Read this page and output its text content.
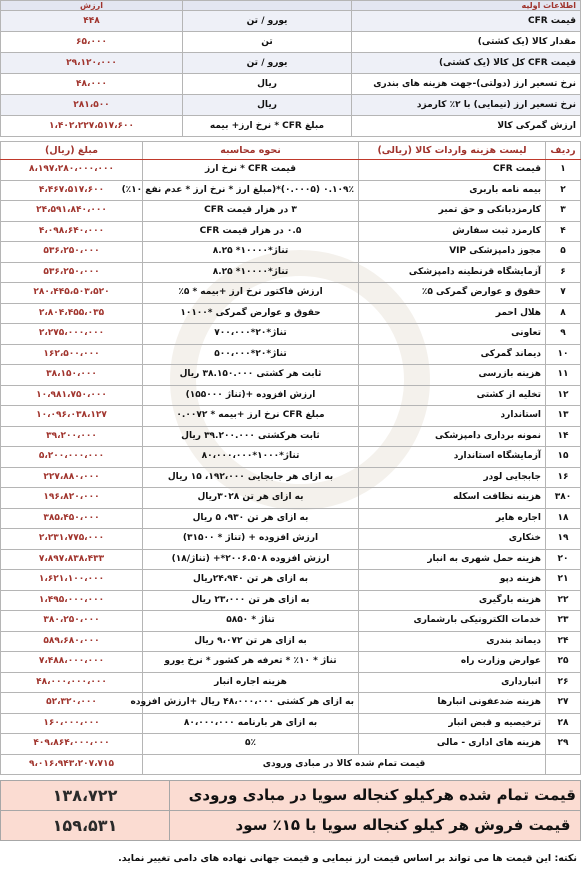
اطلاعات اولیه		ارزش
قیمت CFR	یورو / تن	۴۴۸
مقدار کالا (یک کشتی)	تن	۶۵،۰۰۰
قیمت CFR کل کالا (یک کشتی)	یورو / تن	۲۹،۱۲۰،۰۰۰
نرخ تسعیر ارز (دولتی)-جهت هزینه های بندری	ریال	۴۸،۰۰۰
نرخ تسعیر ارز (نیمایی) با ۲٪ کارمزد	ریال	۲۸۱،۵۰۰
ارزش گمرکی کالا	مبلغ CFR * نرخ ارز+ بیمه	۱،۴۰۲،۲۲۷،۵۱۷،۶۰۰
ردیف	لیست هزینه واردات کالا (ریالی)	نحوه محاسبه	مبلغ (ریال)
۱	قیمت CFR	قیمت CFR * نرخ ارز	۸،۱۹۷،۲۸۰،۰۰۰،۰۰۰
۲	بیمه نامه باربری	۰.۱۰۹٪ (۰.۰۰۰۵)*(مبلغ ارز * نرخ ارز * عدم نفع ۱۰٪)	۴،۴۶۷،۵۱۷،۶۰۰
۳	کارمزدبانکی و حق تمبر	۳ در هزار قیمت CFR	۲۴،۵۹۱،۸۴۰،۰۰۰
۴	کارمزد ثبت سفارش	۰.۵ در هزار قیمت CFR	۴،۰۹۸،۶۴۰،۰۰۰
۵	مجوز دامپزشکی VIP	تناژ*۱۰۰۰۰* ۸.۲۵	۵۳۶،۲۵۰،۰۰۰
۶	آزمایشگاه قرنطینه دامپزشکی	تناژ*۱۰۰۰۰* ۸.۲۵	۵۳۶،۲۵۰،۰۰۰
۷	حقوق و عوارض گمرکی ۵٪	ارزش فاکتور نرخ ارز +بیمه * ۵٪	۲۸۰،۴۴۵،۵۰۳،۵۲۰
۸	هلال احمر	حقوق و عوارض گمرکی *۱۰۱۰۰	۲،۸۰۴،۴۵۵،۰۳۵
۹	تعاونی	تناژ*۲۰*۷۰۰،۰۰۰	۲،۲۷۵،۰۰۰،۰۰۰
۱۰	دیماند گمرکی	تناژ*۲۰*۵۰۰،۰۰۰	۱۶۲،۵۰۰،۰۰۰
۱۱	هزینه بازرسی	ثابت هر کشتی ۳۸.۱۵۰.۰۰۰ ریال	۳۸،۱۵۰،۰۰۰
۱۲	تخلیه از کشتی	ارزش افزوده +(تناژ ۱۵۵۰۰۰)	۱۰،۹۸۱،۷۵۰،۰۰۰
۱۳	استاندارد	مبلغ CFR نرخ ارز +بیمه * ۰.۰۰۷۲	۱۰،۰۹۶،۰۳۸،۱۲۷
۱۴	نمونه برداری دامپزشکی	ثابت هرکشتی ۳۹.۲۰۰.۰۰۰ ریال	۳۹،۲۰۰،۰۰۰
۱۵	آزمایشگاه استاندارد	تناژ*۱۰۰۰*۸۰،۰۰۰،۰۰۰	۵،۲۰۰،۰۰۰،۰۰۰
۱۶	جابجایی لودر	به ازای هر جابجایی ۱۹۲،۰۰۰، ۱۵ ریال	۲۲۷،۸۸۰،۰۰۰
۳۸۰	هزینه نظافت اسکله	به ازای هر تن ۳۰۲۸ریال	۱۹۶،۸۲۰،۰۰۰
۱۸	اجاره هایر	به ازای هر تن ۹۳۰، ۵ ریال	۳۸۵،۴۵۰،۰۰۰
۱۹	خنکاری	ارزش افزوده + (تناژ * ۳۱۵۰۰)	۲،۲۳۱،۷۷۵،۰۰۰
۲۰	هزینه حمل شهری به انبار	ارزش افزوده ۲۰۰۶.۵۰۸*+ (تناژ/۱۸)	۷،۸۹۷،۸۳۸،۴۳۳
۲۱	هزینه دپو	به ازای هر تن ۲۴،۹۴۰ریال	۱،۶۲۱،۱۰۰،۰۰۰
۲۲	هزینه بارگیری	به ازای هر تن ۲۳،۰۰۰ ریال	۱،۴۹۵،۰۰۰،۰۰۰
۲۳	خدمات الکترونیکی بارشماری	تناژ * ۵۸۵۰	۳۸۰،۲۵۰،۰۰۰
۲۴	دیماند بندری	به ازای هر تن ۹،۰۷۲ ریال	۵۸۹،۶۸۰،۰۰۰
۲۵	عوارض وزارت راه	تناژ * ۱۰٪ * تعرفه هر کشور * نرخ یورو	۷،۴۸۸،۰۰۰،۰۰۰
۲۶	انبارداری	هزینه اجاره انبار	۴۸،۰۰۰،۰۰۰،۰۰۰
۲۷	هزینه ضدعفونی انبارها	به ازای هر کشتی ۴۸،۰۰۰،۰۰۰ ریال +ارزش افزوده	۵۲،۳۲۰،۰۰۰
۲۸	ترخیصیه و قبض انبار	به ازای هر بارنامه ۸۰،۰۰۰،۰۰۰	۱۶۰،۰۰۰،۰۰۰
۲۹	هزینه های اداری - مالی	۵٪	۴۰۹،۸۶۴،۰۰۰،۰۰۰
	قیمت تمام شده کالا در مبادی ورودی		۹،۰۱۶،۹۴۳،۲۰۷،۷۱۵
قیمت تمام شده هرکیلو کنجاله سویا در مبادی ورودی	۱۳۸،۷۲۲
قیمت فروش هر کیلو کنجاله سویا با ۱۵٪ سود	۱۵۹،۵۳۱
نکته: این قیمت ها می تواند بر اساس قیمت ارز نیمایی و قیمت جهانی نهاده های دامی تغییر نماید.
